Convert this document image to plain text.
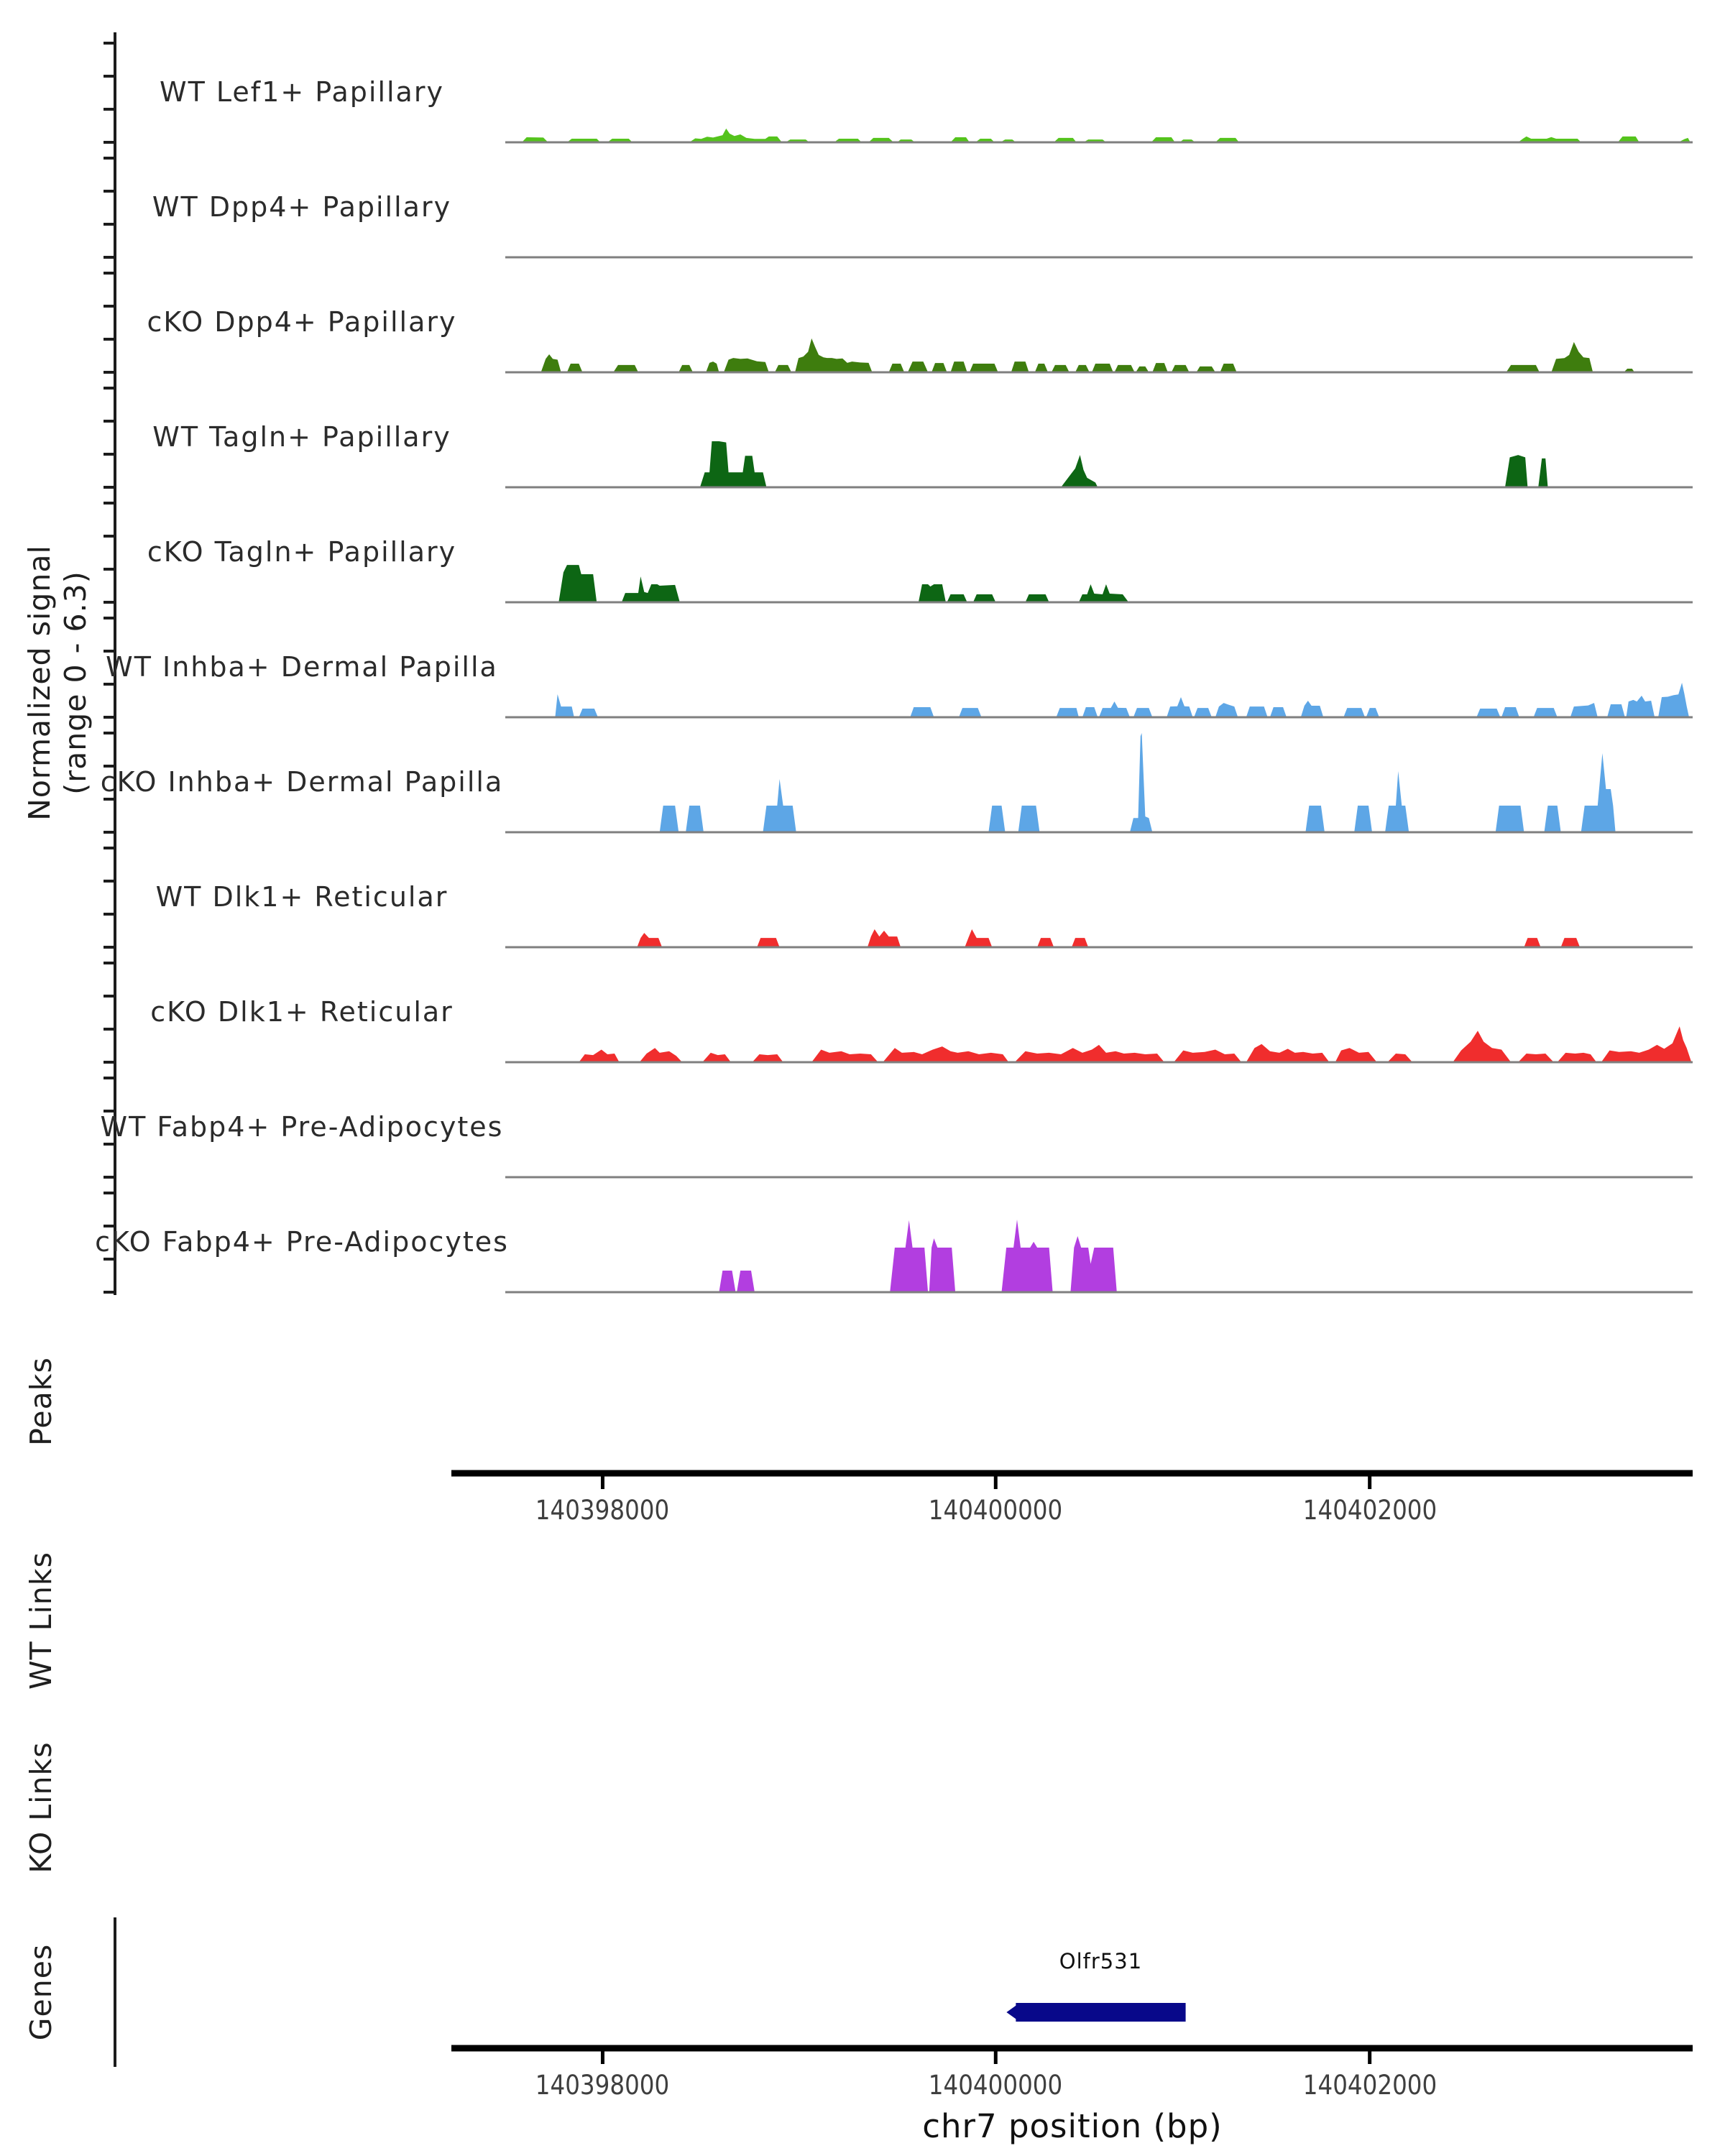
Normalized signal (range 0 - 6.3)
Peaks
WT Links
KO Links
Genes
WT Lef1+ Papillary
WT Dpp4+ Papillary
cKO Dpp4+ Papillary
WT Tagln+ Papillary
cKO Tagln+ Papillary
WT Inhba+ Dermal Papilla
cKO Inhba+ Dermal Papilla
WT Dlk1+ Reticular
cKO Dlk1+ Reticular
WT Fabp4+ Pre-Adipocytes
cKO Fabp4+ Pre-Adipocytes
140398000	140400000	140402000
140398000	140400000	140402000
Olfr531
chr7 position (bp)
